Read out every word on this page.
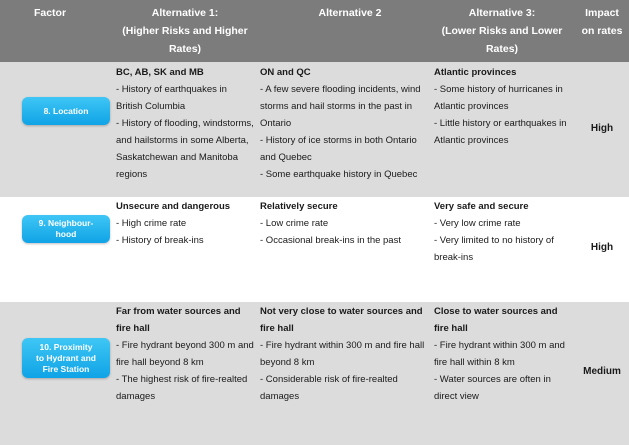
Factor	Alternative 1:
(Higher Risks and Higher
Rates)
Alternative 2	Alternative 3:
(Lower Risks and Lower
Rates)
Impact
on rates
8. Location
BC, AB, SK and MB
- History of earthquakes in
British Columbia
- History of flooding, windstorms,
and hailstorms in some Alberta,
Saskatchewan and Manitoba
regions
ON and QC
- A few severe flooding incidents, wind
storms and hail storms in the past in
Ontario
- History of ice storms in both Ontario
and Quebec
- Some earthquake history in Quebec
Atlantic provinces
- Some history of hurricanes in
Atlantic provinces
- Little history or earthquakes in
Atlantic provinces
High
9. Neighbour-
hood
Unsecure and dangerous
- High crime rate
- History of break-ins
Relatively secure
- Low crime rate
- Occasional break-ins in the past
Very safe and secure
- Very low crime rate
- Very limited to no history of
break-ins
High
10. Proximity
to Hydrant and
Fire Station
Far from water sources and
fire hall
- Fire hydrant beyond 300 m and
fire hall beyond 8 km
- The highest risk of fire-realted
damages
Not very close to water sources and
fire hall
- Fire hydrant within 300 m and fire hall
beyond 8 km
- Considerable risk of fire-realted
damages
Close to water sources and
fire hall
- Fire hydrant within 300 m and
fire hall within 8 km
- Water sources are often in
direct view
Medium
